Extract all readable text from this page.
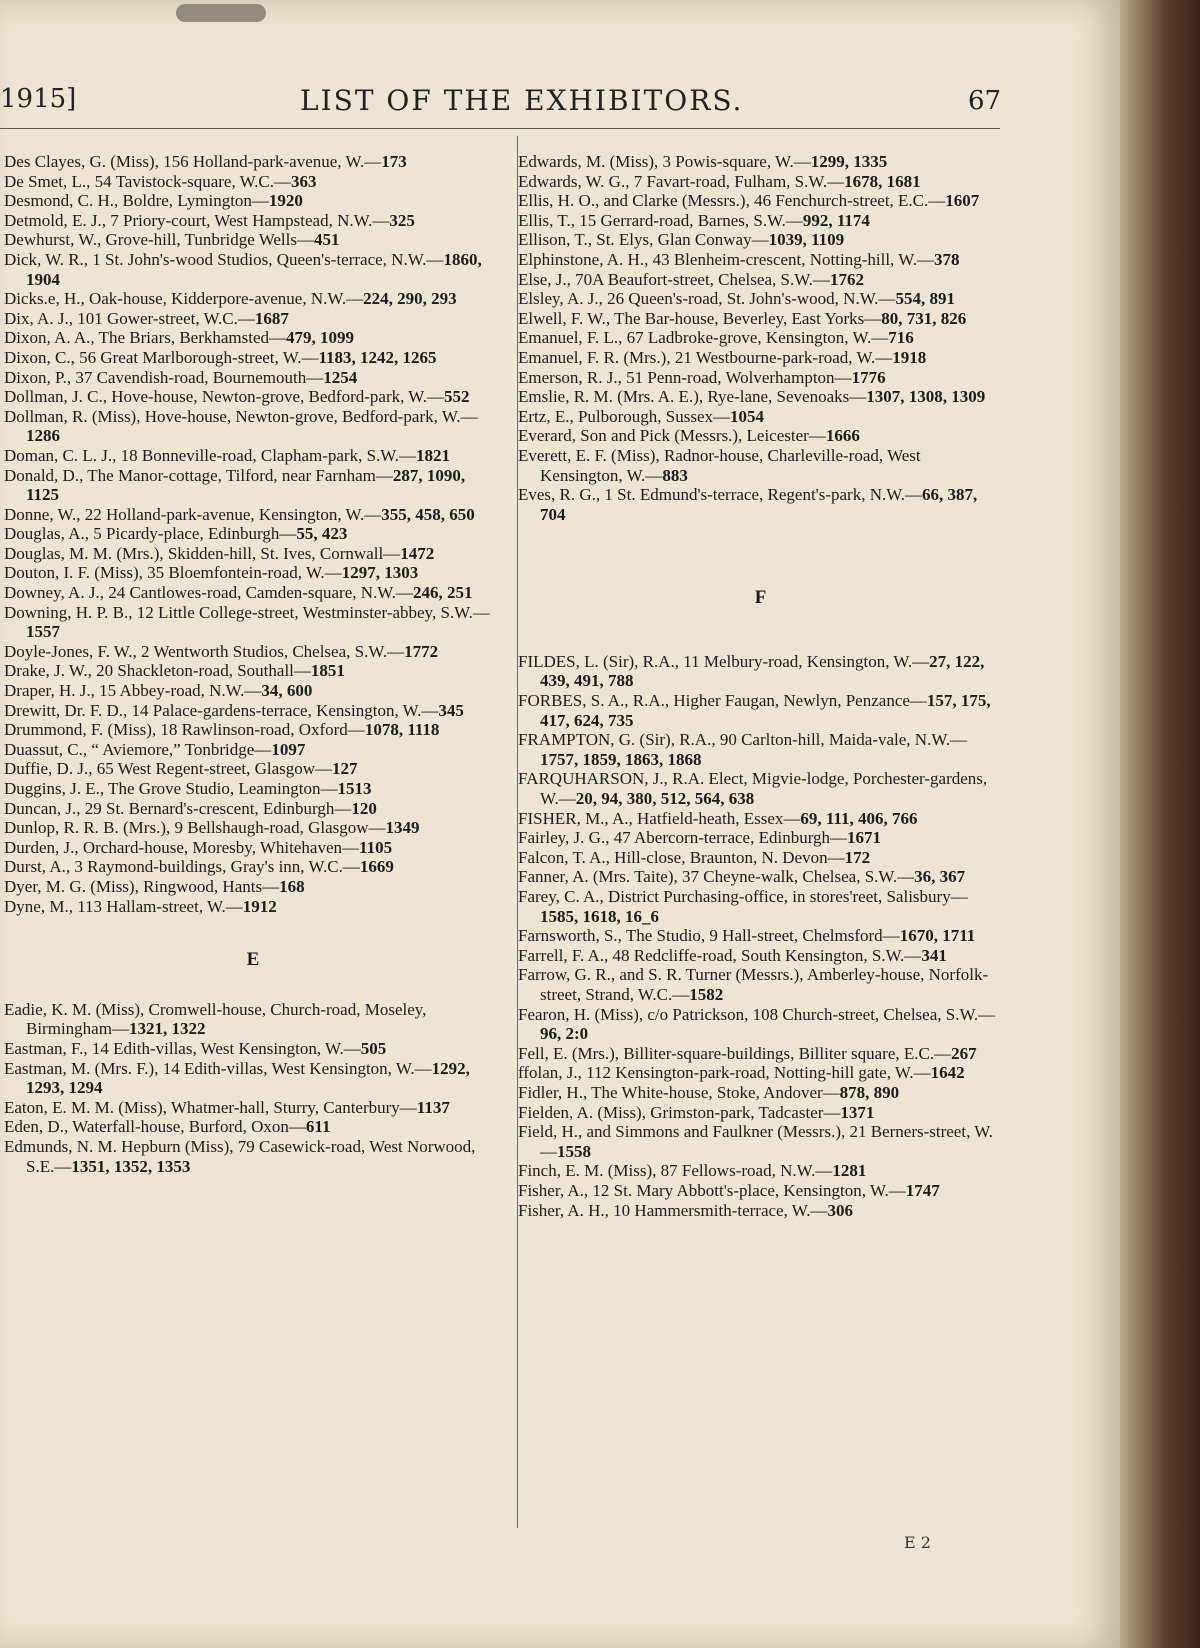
1915]	LIST OF THE EXHIBITORS.	67

Des Clayes, G. (Miss), 156 Holland-park-avenue, W.—173

De Smet, L., 54 Tavistock-square, W.C.—363

Desmond, C. H., Boldre, Lymington—1920

Detmold, E. J., 7 Priory-court, West Hampstead, N.W.—325

Dewhurst, W., Grove-hill, Tunbridge Wells—451

Dick, W. R., 1 St. John's-wood Studios, Queen's-terrace, N.W.—1860, 1904

Dicks.e, H., Oak-house, Kidderpore-avenue, N.W.—224, 290, 293

Dix, A. J., 101 Gower-street, W.C.—1687

Dixon, A. A., The Briars, Berkhamsted—479, 1099

Dixon, C., 56 Great Marlborough-street, W.—1183, 1242, 1265

Dixon, P., 37 Cavendish-road, Bournemouth—1254

Dollman, J. C., Hove-house, Newton-grove, Bedford-park, W.—552

Dollman, R. (Miss), Hove-house, Newton-grove, Bedford-park, W.—1286

Doman, C. L. J., 18 Bonneville-road, Clapham-park, S.W.—1821

Donald, D., The Manor-cottage, Tilford, near Farnham—287, 1090, 1125

Donne, W., 22 Holland-park-avenue, Kensington, W.—355, 458, 650

Douglas, A., 5 Picardy-place, Edinburgh—55, 423

Douglas, M. M. (Mrs.), Skidden-hill, St. Ives, Cornwall—1472

Douton, I. F. (Miss), 35 Bloemfontein-road, W.—1297, 1303

Downey, A. J., 24 Cantlowes-road, Camden-square, N.W.—246, 251

Downing, H. P. B., 12 Little College-street, Westminster-abbey, S.W.—1557

Doyle-Jones, F. W., 2 Wentworth Studios, Chelsea, S.W.—1772

Drake, J. W., 20 Shackleton-road, Southall—1851

Draper, H. J., 15 Abbey-road, N.W.—34, 600

Drewitt, Dr. F. D., 14 Palace-gardens-terrace, Kensington, W.—345

Drummond, F. (Miss), 18 Rawlinson-road, Oxford—1078, 1118

Duassut, C., “ Aviemore,” Tonbridge—1097

Duffie, D. J., 65 West Regent-street, Glasgow—127

Duggins, J. E., The Grove Studio, Leamington—1513

Duncan, J., 29 St. Bernard's-crescent, Edinburgh—120

Dunlop, R. R. B. (Mrs.), 9 Bellshaugh-road, Glasgow—1349

Durden, J., Orchard-house, Moresby, Whitehaven—1105

Durst, A., 3 Raymond-buildings, Gray's inn, W.C.—1669

Dyer, M. G. (Miss), Ringwood, Hants—168

Dyne, M., 113 Hallam-street, W.—1912

E

Eadie, K. M. (Miss), Cromwell-house, Church-road, Moseley, Birmingham—1321, 1322

Eastman, F., 14 Edith-villas, West Kensington, W.—505

Eastman, M. (Mrs. F.), 14 Edith-villas, West Kensington, W.—1292, 1293, 1294

Eaton, E. M. M. (Miss), Whatmer-hall, Sturry, Canterbury—1137

Eden, D., Waterfall-house, Burford, Oxon—611

Edmunds, N. M. Hepburn (Miss), 79 Casewick-road, West Norwood, S.E.—1351, 1352, 1353

Edwards, M. (Miss), 3 Powis-square, W.—1299, 1335

Edwards, W. G., 7 Favart-road, Fulham, S.W.—1678, 1681

Ellis, H. O., and Clarke (Messrs.), 46 Fenchurch-street, E.C.—1607

Ellis, T., 15 Gerrard-road, Barnes, S.W.—992, 1174

Ellison, T., St. Elys, Glan Conway—1039, 1109

Elphinstone, A. H., 43 Blenheim-crescent, Notting-hill, W.—378

Else, J., 70A Beaufort-street, Chelsea, S.W.—1762

Elsley, A. J., 26 Queen's-road, St. John's-wood, N.W.—554, 891

Elwell, F. W., The Bar-house, Beverley, East Yorks—80, 731, 826

Emanuel, F. L., 67 Ladbroke-grove, Kensington, W.—716

Emanuel, F. R. (Mrs.), 21 Westbourne-park-road, W.—1918

Emerson, R. J., 51 Penn-road, Wolverhampton—1776

Emslie, R. M. (Mrs. A. E.), Rye-lane, Sevenoaks—1307, 1308, 1309

Ertz, E., Pulborough, Sussex—1054

Everard, Son and Pick (Messrs.), Leicester—1666

Everett, E. F. (Miss), Radnor-house, Charleville-road, West Kensington, W.—883

Eves, R. G., 1 St. Edmund's-terrace, Regent's-park, N.W.—66, 387, 704

F

FILDES, L. (Sir), R.A., 11 Melbury-road, Kensington, W.—27, 122, 439, 491, 788

FORBES, S. A., R.A., Higher Faugan, Newlyn, Penzance—157, 175, 417, 624, 735

FRAMPTON, G. (Sir), R.A., 90 Carlton-hill, Maida-vale, N.W.—1757, 1859, 1863, 1868

FARQUHARSON, J., R.A. Elect, Migvie-lodge, Porchester-gardens, W.—20, 94, 380, 512, 564, 638

FISHER, M., A., Hatfield-heath, Essex—69, 111, 406, 766

Fairley, J. G., 47 Abercorn-terrace, Edinburgh—1671

Falcon, T. A., Hill-close, Braunton, N. Devon—172

Fanner, A. (Mrs. Taite), 37 Cheyne-walk, Chelsea, S.W.—36, 367

Farey, C. A., District Purchasing-office, in stores'reet, Salisbury—1585, 1618, 16_6

Farnsworth, S., The Studio, 9 Hall-street, Chelmsford—1670, 1711

Farrell, F. A., 48 Redcliffe-road, South Kensington, S.W.—341

Farrow, G. R., and S. R. Turner (Messrs.), Amberley-house, Norfolk-street, Strand, W.C.—1582

Fearon, H. (Miss), c/o Patrickson, 108 Church-street, Chelsea, S.W.—96, 2:0

Fell, E. (Mrs.), Billiter-square-buildings, Billiter square, E.C.—267

ffolan, J., 112 Kensington-park-road, Notting-hill gate, W.—1642

Fidler, H., The White-house, Stoke, Andover—878, 890

Fielden, A. (Miss), Grimston-park, Tadcaster—1371

Field, H., and Simmons and Faulkner (Messrs.), 21 Berners-street, W.—1558

Finch, E. M. (Miss), 87 Fellows-road, N.W.—1281

Fisher, A., 12 St. Mary Abbott's-place, Kensington, W.—1747

Fisher, A. H., 10 Hammersmith-terrace, W.—306

E 2
